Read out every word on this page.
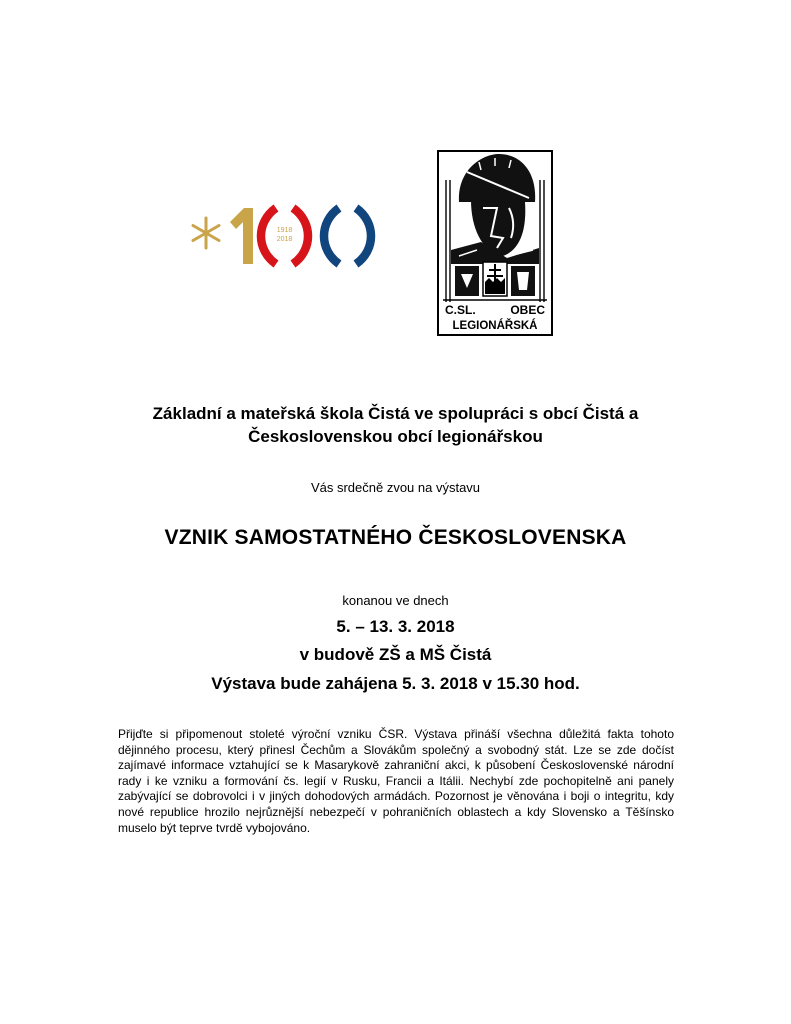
1918
2018
C.SL.	OBEC
LEGIONÁŘSKÁ
Základní a mateřská škola Čistá ve spolupráci s obcí Čistá a
Československou obcí legionářskou
Vás srdečně zvou na výstavu
VZNIK SAMOSTATNÉHO ČESKOSLOVENSKA
konanou ve dnech
5. – 13. 3. 2018
v budově ZŠ a MŠ Čistá
Výstava bude zahájena 5. 3. 2018 v 15.30 hod.
Přijďte si připomenout stoleté výroční vzniku ČSR. Výstava přináší všechna důležitá fakta tohoto dějinného procesu, který přinesl Čechům a Slovákům společný a svobodný stát. Lze se zde dočíst zajímavé informace vztahující se k Masarykově zahraniční akci, k působení Československé národní rady i ke vzniku a formování čs. legií v Rusku, Francii a Itálii. Nechybí zde pochopitelně ani panely zabývající se dobrovolci i v jiných dohodových armádách. Pozornost je věnována i boji o integritu, kdy nové republice hrozilo nejrůznější nebezpečí v pohraničních oblastech a kdy Slovensko a Těšínsko muselo být teprve tvrdě vybojováno.
